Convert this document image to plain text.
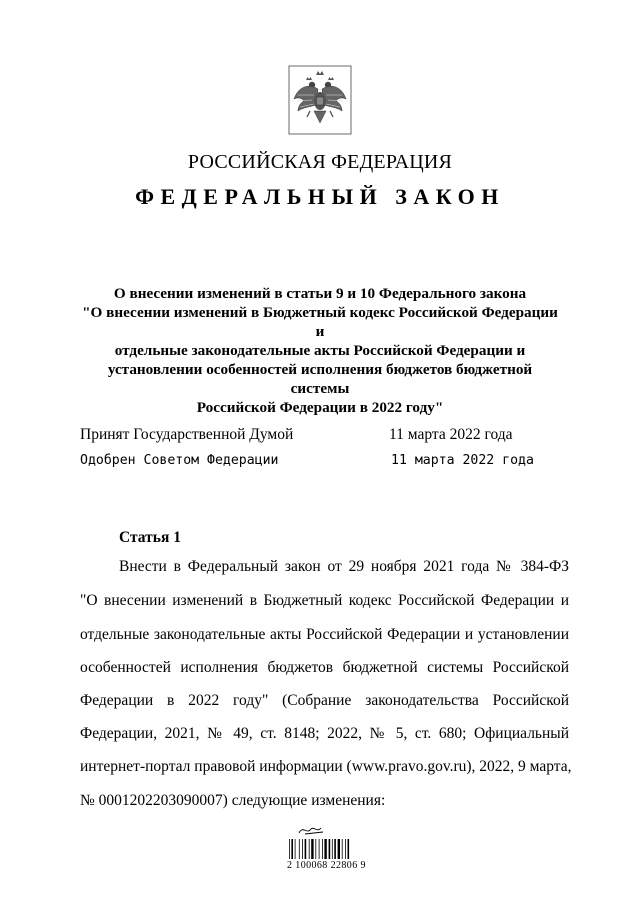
РОССИЙСКАЯ ФЕДЕРАЦИЯ
ФЕДЕРАЛЬНЫЙ ЗАКОН
О внесении изменений в статьи 9 и 10 Федерального закона
"О внесении изменений в Бюджетный кодекс Российской Федерации и
отдельные законодательные акты Российской Федерации и
установлении особенностей исполнения бюджетов бюджетной системы
Российской Федерации в 2022 году"
Принят Государственной Думой	11 марта 2022 года
Одобрен Советом Федерации	11 марта 2022 года
Статья 1
Внести в Федеральный закон от 29 ноября 2021 года № 384-ФЗ
"О внесении изменений в Бюджетный кодекс Российской Федерации и
отдельные законодательные акты Российской Федерации и установлении
особенностей исполнения бюджетов бюджетной системы Российской
Федерации в 2022 году" (Собрание законодательства Российской
Федерации, 2021, № 49, ст. 8148; 2022, № 5, ст. 680; Официальный
интернет-портал правовой информации (www.pravo.gov.ru), 2022, 9 марта,
№ 0001202203090007) следующие изменения:
2 100068 22806 9
